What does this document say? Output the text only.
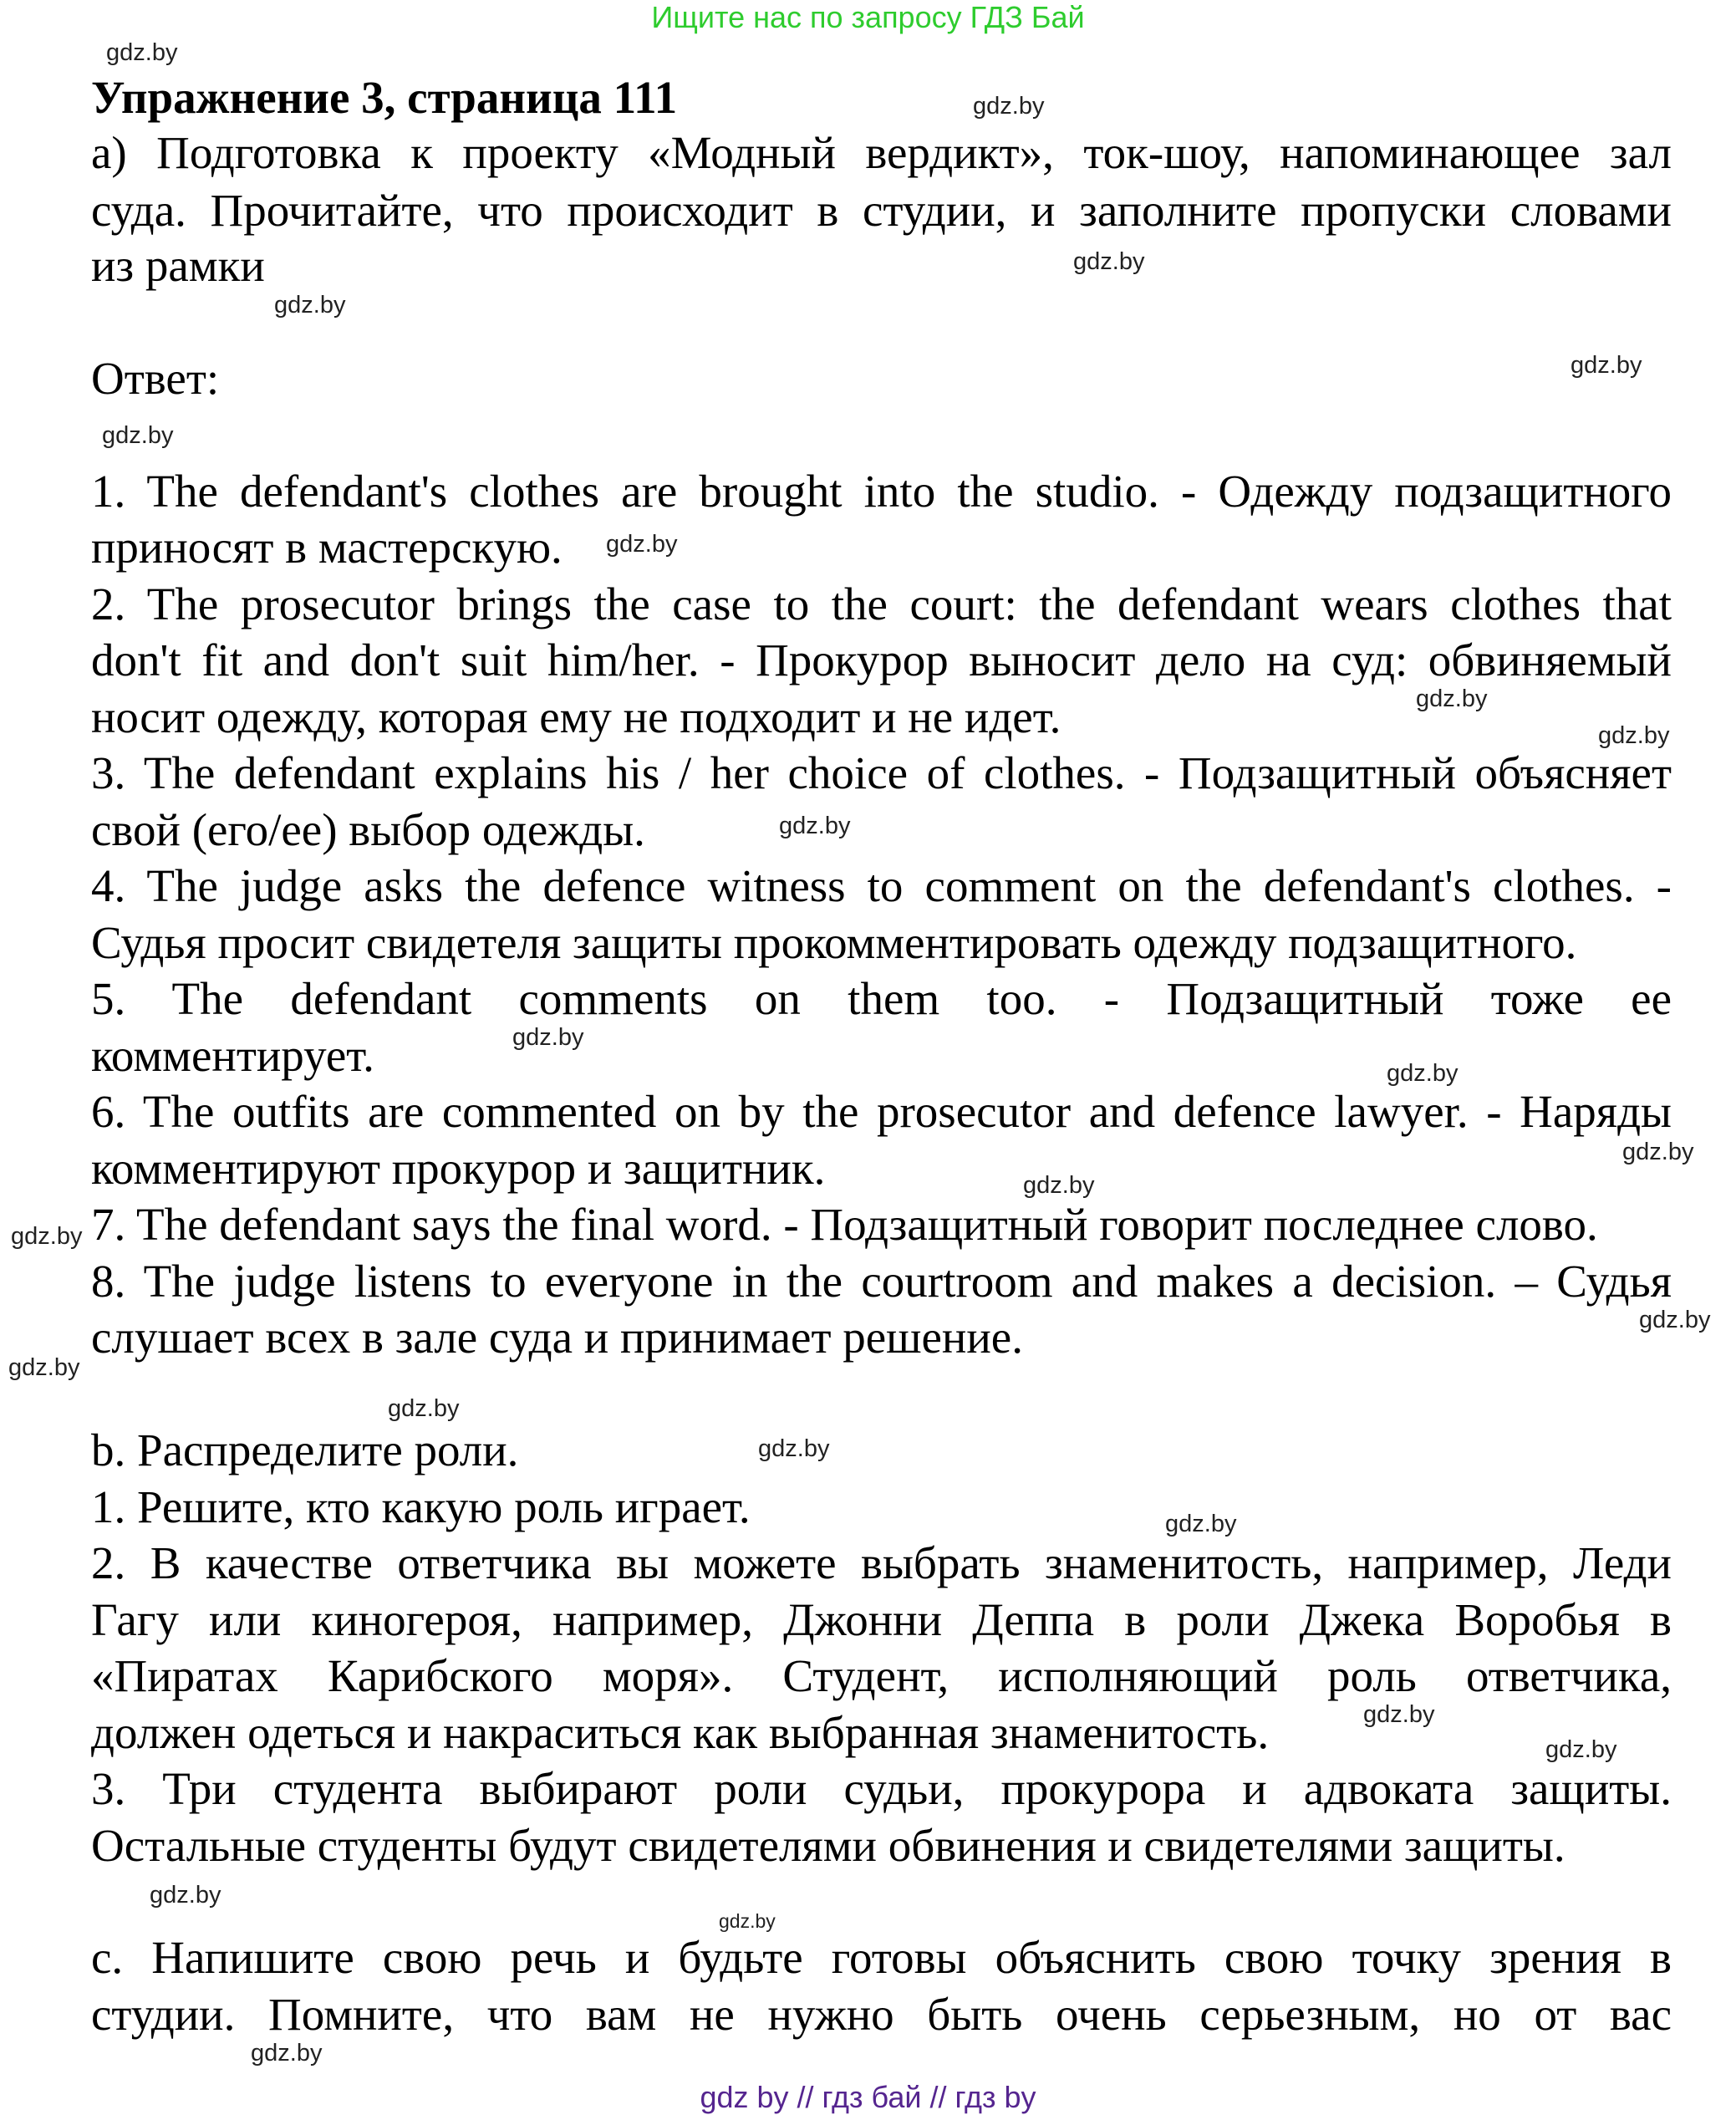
Ищите нас по запросу ГДЗ Бай
Упражнение 3, страница 111
а) Подготовка к проекту «Модный вердикт», ток-шоу, напоминающее зал
суда. Прочитайте, что происходит в студии, и заполните пропуски словами
из рамки
Ответ:
1. The defendant's clothes are brought into the studio. - Одежду подзащитного
приносят в мастерскую.
2. The prosecutor brings the case to the court: the defendant wears clothes that
don't fit and don't suit him/her. - Прокурор выносит дело на суд: обвиняемый
носит одежду, которая ему не подходит и не идет.
3. The defendant explains his / her choice of clothes. - Подзащитный объясняет
свой (его/ее) выбор одежды.
4. The judge asks the defence witness to comment on the defendant's clothes. -
Судья просит свидетеля защиты прокомментировать одежду подзащитного.
5. The defendant comments on them too. - Подзащитный тоже ее
комментирует.
6. The outfits are commented on by the prosecutor and defence lawyer. - Наряды
комментируют прокурор и защитник.
7. The defendant says the final word. - Подзащитный говорит последнее слово.
8. The judge listens to everyone in the courtroom and makes a decision. – Судья
слушает всех в зале суда и принимает решение.
b. Распределите роли.
1. Решите, кто какую роль играет.
2. В качестве ответчика вы можете выбрать знаменитость, например, Леди
Гагу или киногероя, например, Джонни Деппа в роли Джека Воробья в
«Пиратах Карибского моря». Студент, исполняющий роль ответчика,
должен одеться и накраситься как выбранная знаменитость.
3. Три студента выбирают роли судьи, прокурора и адвоката защиты.
Остальные студенты будут свидетелями обвинения и свидетелями защиты.
с. Напишите свою речь и будьте готовы объяснить свою точку зрения в
студии. Помните, что вам не нужно быть очень серьезным, но от вас
gdz.by
gdz.by
gdz.by
gdz.by
gdz.by
gdz.by
gdz.by
gdz.by
gdz.by
gdz.by
gdz.by
gdz.by
gdz.by
gdz.by
gdz.by
gdz.by
gdz.by
gdz.by
gdz.by
gdz.by
gdz.by
gdz.by
gdz.by
gdz.by
gdz.by
gdz by // гдз бай // гдз by
